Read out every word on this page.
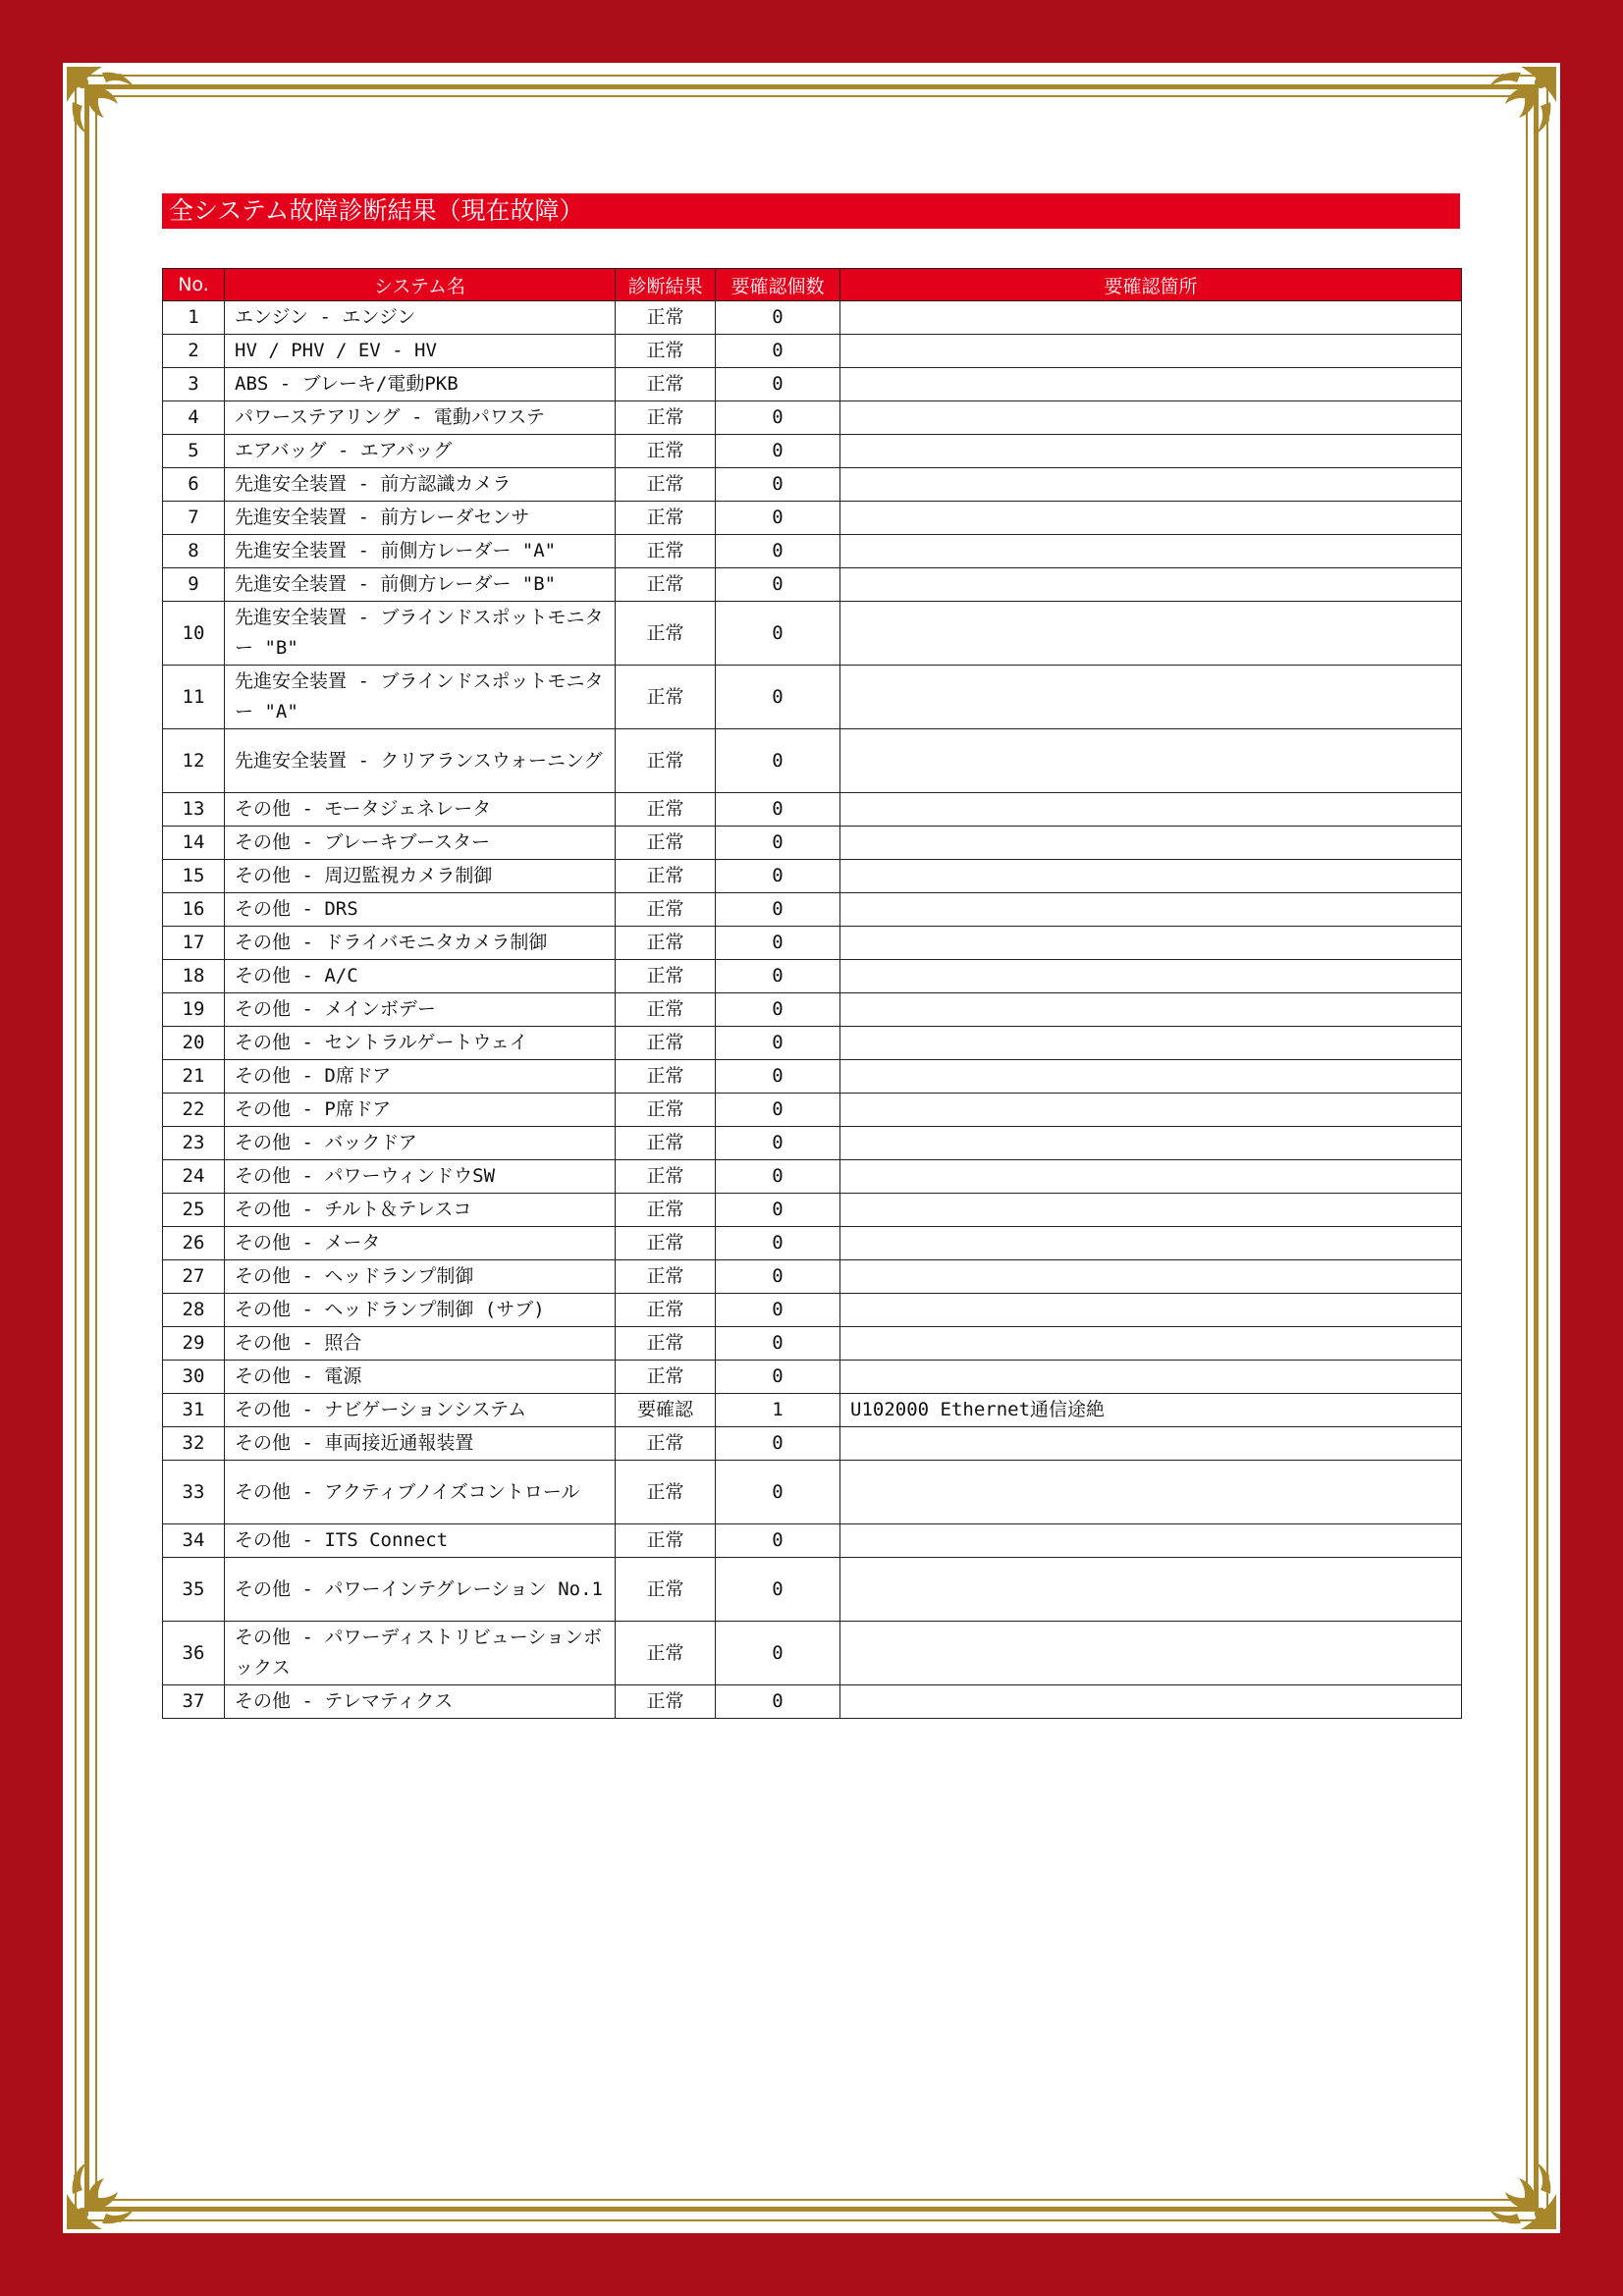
全システム故障診断結果（現在故障）
No.	システム名	診断結果	要確認個数	要確認箇所
1	エンジン - エンジン	正常	0	
2	HV / PHV / EV - HV	正常	0	
3	ABS - ブレーキ/電動PKB	正常	0	
4	パワーステアリング - 電動パワステ	正常	0	
5	エアバッグ - エアバッグ	正常	0	
6	先進安全装置 - 前方認識カメラ	正常	0	
7	先進安全装置 - 前方レーダセンサ	正常	0	
8	先進安全装置 - 前側方レーダー "A"	正常	0	
9	先進安全装置 - 前側方レーダー "B"	正常	0	
10	先進安全装置 - ブラインドスポットモニター "B"	正常	0	
11	先進安全装置 - ブラインドスポットモニター "A"	正常	0	
12	先進安全装置 - クリアランスウォーニング	正常	0	
13	その他 - モータジェネレータ	正常	0	
14	その他 - ブレーキブースター	正常	0	
15	その他 - 周辺監視カメラ制御	正常	0	
16	その他 - DRS	正常	0	
17	その他 - ドライバモニタカメラ制御	正常	0	
18	その他 - A/C	正常	0	
19	その他 - メインボデー	正常	0	
20	その他 - セントラルゲートウェイ	正常	0	
21	その他 - D席ドア	正常	0	
22	その他 - P席ドア	正常	0	
23	その他 - バックドア	正常	0	
24	その他 - パワーウィンドウSW	正常	0	
25	その他 - チルト＆テレスコ	正常	0	
26	その他 - メータ	正常	0	
27	その他 - ヘッドランプ制御	正常	0	
28	その他 - ヘッドランプ制御 (サブ)	正常	0	
29	その他 - 照合	正常	0	
30	その他 - 電源	正常	0	
31	その他 - ナビゲーションシステム	要確認	1	U102000 Ethernet通信途絶
32	その他 - 車両接近通報装置	正常	0	
33	その他 - アクティブノイズコントロール	正常	0	
34	その他 - ITS Connect	正常	0	
35	その他 - パワーインテグレーション No.1	正常	0	
36	その他 - パワーディストリビューションボックス	正常	0	
37	その他 - テレマティクス	正常	0	
